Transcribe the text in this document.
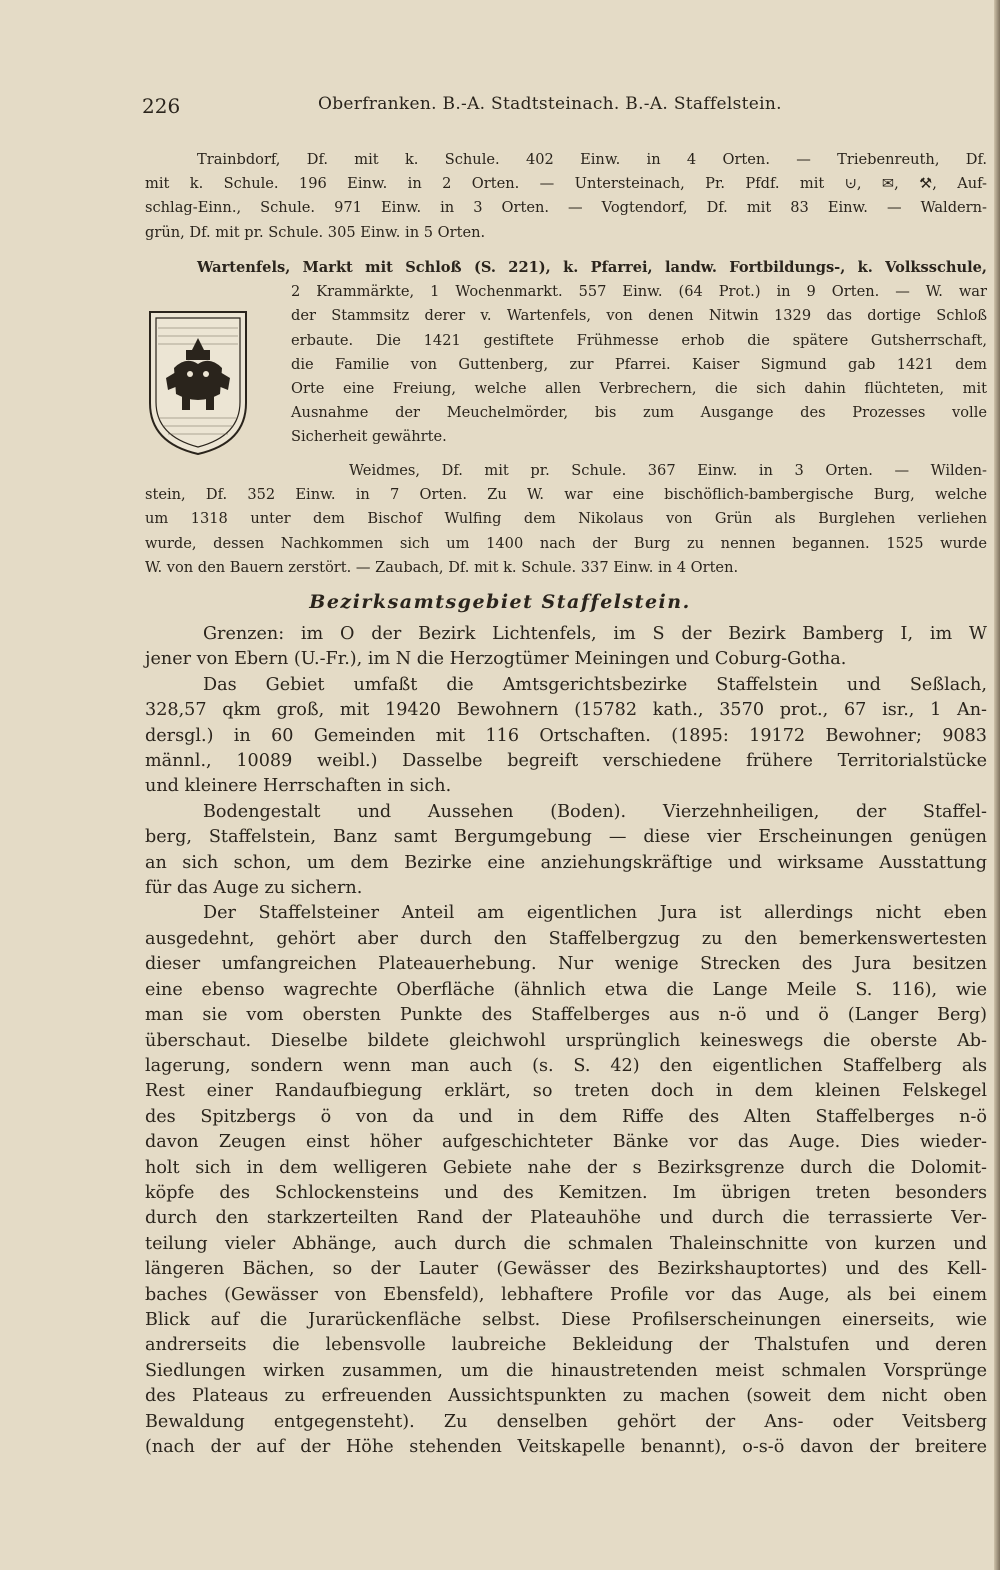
226	Oberfranken. B.-A. Stadtsteinach. B.-A. Staffelstein.

Trainbdorf, Df. mit k. Schule. 402 Einw. in 4 Orten. — Triebenreuth, Df.

mit k. Schule. 196 Einw. in 2 Orten. — Untersteinach, Pr. Pfdf. mit ⊍, ✉, ⚒, Auf-

schlag-Einn., Schule. 971 Einw. in 3 Orten. — Vogtendorf, Df. mit 83 Einw. — Waldern-

grün, Df. mit pr. Schule. 305 Einw. in 5 Orten.

Wartenfels, Markt mit Schloß (S. 221), k. Pfarrei, landw. Fortbildungs-, k. Volksschule,

2 Krammärkte, 1 Wochenmarkt. 557 Einw. (64 Prot.) in 9 Orten. — W. war

der Stammsitz derer v. Wartenfels, von denen Nitwin 1329 das dortige Schloß

erbaute. Die 1421 gestiftete Frühmesse erhob die spätere Gutsherrschaft,

die Familie von Guttenberg, zur Pfarrei. Kaiser Sigmund gab 1421 dem

Orte eine Freiung, welche allen Verbrechern, die sich dahin flüchteten, mit

Ausnahme der Meuchelmörder, bis zum Ausgange des Prozesses volle

Sicherheit gewährte.

Weidmes, Df. mit pr. Schule. 367 Einw. in 3 Orten. — Wilden-

stein, Df. 352 Einw. in 7 Orten. Zu W. war eine bischöflich-bambergische Burg, welche

um 1318 unter dem Bischof Wulfing dem Nikolaus von Grün als Burglehen verliehen

wurde, dessen Nachkommen sich um 1400 nach der Burg zu nennen begannen. 1525 wurde

W. von den Bauern zerstört. — Zaubach, Df. mit k. Schule. 337 Einw. in 4 Orten.

Bezirksamtsgebiet Staffelstein.

Grenzen: im O der Bezirk Lichtenfels, im S der Bezirk Bamberg I, im W

jener von Ebern (U.-Fr.), im N die Herzogtümer Meiningen und Coburg-Gotha.

Das Gebiet umfaßt die Amtsgerichtsbezirke Staffelstein und Seßlach,

328,57 qkm groß, mit 19420 Bewohnern (15782 kath., 3570 prot., 67 isr., 1 An-

dersgl.) in 60 Gemeinden mit 116 Ortschaften. (1895: 19172 Bewohner; 9083

männl., 10089 weibl.) Dasselbe begreift verschiedene frühere Territorialstücke

und kleinere Herrschaften in sich.

Bodengestalt und Aussehen (Boden). Vierzehnheiligen, der Staffel-

berg, Staffelstein, Banz samt Bergumgebung — diese vier Erscheinungen genügen

an sich schon, um dem Bezirke eine anziehungskräftige und wirksame Ausstattung

für das Auge zu sichern.

Der Staffelsteiner Anteil am eigentlichen Jura ist allerdings nicht eben

ausgedehnt, gehört aber durch den Staffelbergzug zu den bemerkenswertesten

dieser umfangreichen Plateauerhebung. Nur wenige Strecken des Jura besitzen

eine ebenso wagrechte Oberfläche (ähnlich etwa die Lange Meile S. 116), wie

man sie vom obersten Punkte des Staffelberges aus n-ö und ö (Langer Berg)

überschaut. Dieselbe bildete gleichwohl ursprünglich keineswegs die oberste Ab-

lagerung, sondern wenn man auch (s. S. 42) den eigentlichen Staffelberg als

Rest einer Randaufbiegung erklärt, so treten doch in dem kleinen Felskegel

des Spitzbergs ö von da und in dem Riffe des Alten Staffelberges n-ö

davon Zeugen einst höher aufgeschichteter Bänke vor das Auge. Dies wieder-

holt sich in dem welligeren Gebiete nahe der s Bezirksgrenze durch die Dolomit-

köpfe des Schlockensteins und des Kemitzen. Im übrigen treten besonders

durch den starkzerteilten Rand der Plateauhöhe und durch die terrassierte Ver-

teilung vieler Abhänge, auch durch die schmalen Thaleinschnitte von kurzen und

längeren Bächen, so der Lauter (Gewässer des Bezirkshauptortes) und des Kell-

baches (Gewässer von Ebensfeld), lebhaftere Profile vor das Auge, als bei einem

Blick auf die Jurarückenfläche selbst. Diese Profilserscheinungen einerseits, wie

andrerseits die lebensvolle laubreiche Bekleidung der Thalstufen und deren

Siedlungen wirken zusammen, um die hinaustretenden meist schmalen Vorsprünge

des Plateaus zu erfreuenden Aussichtspunkten zu machen (soweit dem nicht oben

Bewaldung entgegensteht). Zu denselben gehört der Ans- oder Veitsberg

(nach der auf der Höhe stehenden Veitskapelle benannt), o-s-ö davon der breitere
